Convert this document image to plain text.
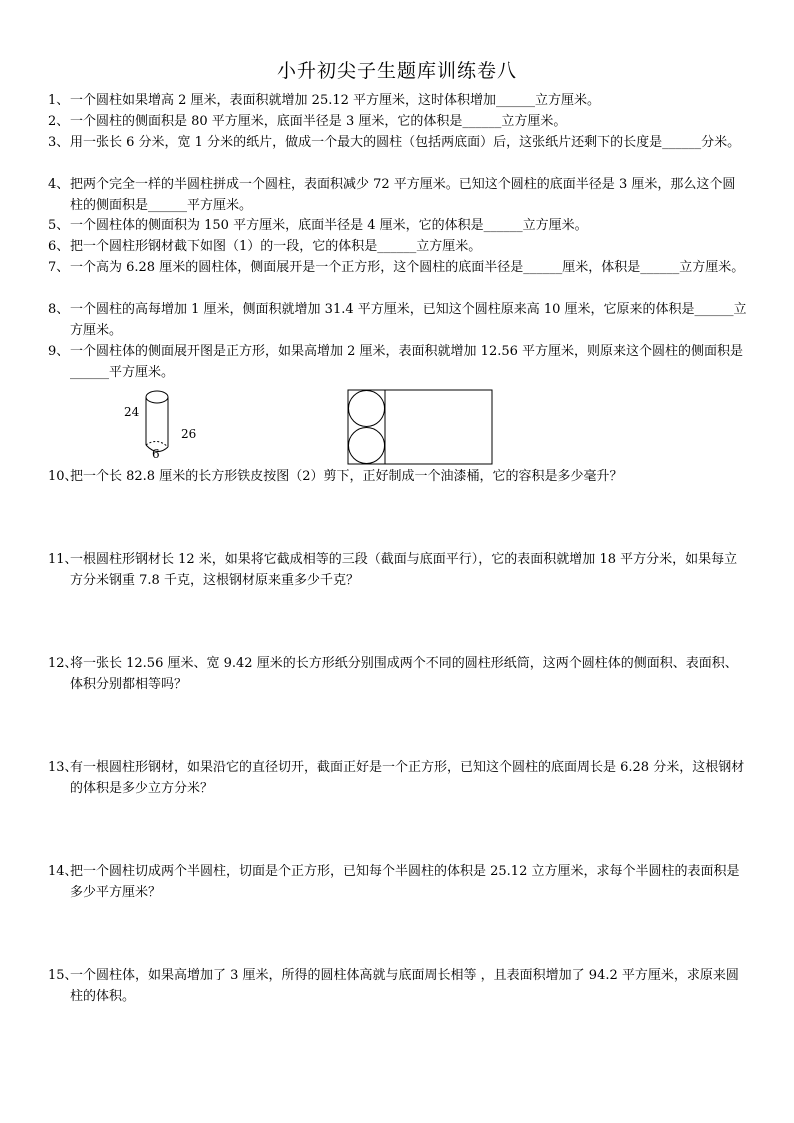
小升初尖子生题库训练卷八
1、 一个圆柱如果增高 2 厘米，表面积就增加 25.12 平方厘米，这时体积增加______立方厘米。
2、 一个圆柱的侧面积是 80 平方厘米，底面半径是 3 厘米，它的体积是______立方厘米。
3、 用一张长 6 分米，宽 1 分米的纸片，做成一个最大的圆柱（包括两底面）后，这张纸片还剩下的长度是______分米。
4、 把两个完全一样的半圆柱拼成一个圆柱，表面积减少 72 平方厘米。已知这个圆柱的底面半径是 3 厘米，那么这个圆柱的侧面积是______平方厘米。
5、 一个圆柱体的侧面积为 150 平方厘米，底面半径是 4 厘米，它的体积是______立方厘米。
6、 把一个圆柱形钢材截下如图（1）的一段，它的体积是______立方厘米。
7、 一个高为 6.28 厘米的圆柱体，侧面展开是一个正方形，这个圆柱的底面半径是______厘米，体积是______立方厘米。
8、 一个圆柱的高每增加 1 厘米，侧面积就增加 31.4 平方厘米，已知这个圆柱原来高 10 厘米，它原来的体积是______立方厘米。
9、 一个圆柱体的侧面展开图是正方形，如果高增加 2 厘米，表面积就增加 12.56 平方厘米，则原来这个圆柱的侧面积是______平方厘米。
24
26
6
10、
把一个长 82.8 厘米的长方形铁皮按图（2）剪下，正好制成一个油漆桶，它的容积是多少毫升？
11、
一根圆柱形钢材长 12 米，如果将它截成相等的三段（截面与底面平行），它的表面积就增加 18 平方分米，如果每立方分米钢重 7.8 千克，这根钢材原来重多少千克？
12、
将一张长 12.56 厘米、宽 9.42 厘米的长方形纸分别围成两个不同的圆柱形纸筒，这两个圆柱体的侧面积、表面积、体积分别都相等吗？
13、
有一根圆柱形钢材，如果沿它的直径切开，截面正好是一个正方形，已知这个圆柱的底面周长是 6.28 分米，这根钢材的体积是多少立方分米？
14、
把一个圆柱切成两个半圆柱，切面是个正方形，已知每个半圆柱的体积是 25.12 立方厘米，求每个半圆柱的表面积是多少平方厘米？
15、
一个圆柱体，如果高增加了 3 厘米，所得的圆柱体高就与底面周长相等 ，且表面积增加了 94.2 平方厘米，求原来圆柱的体积。
